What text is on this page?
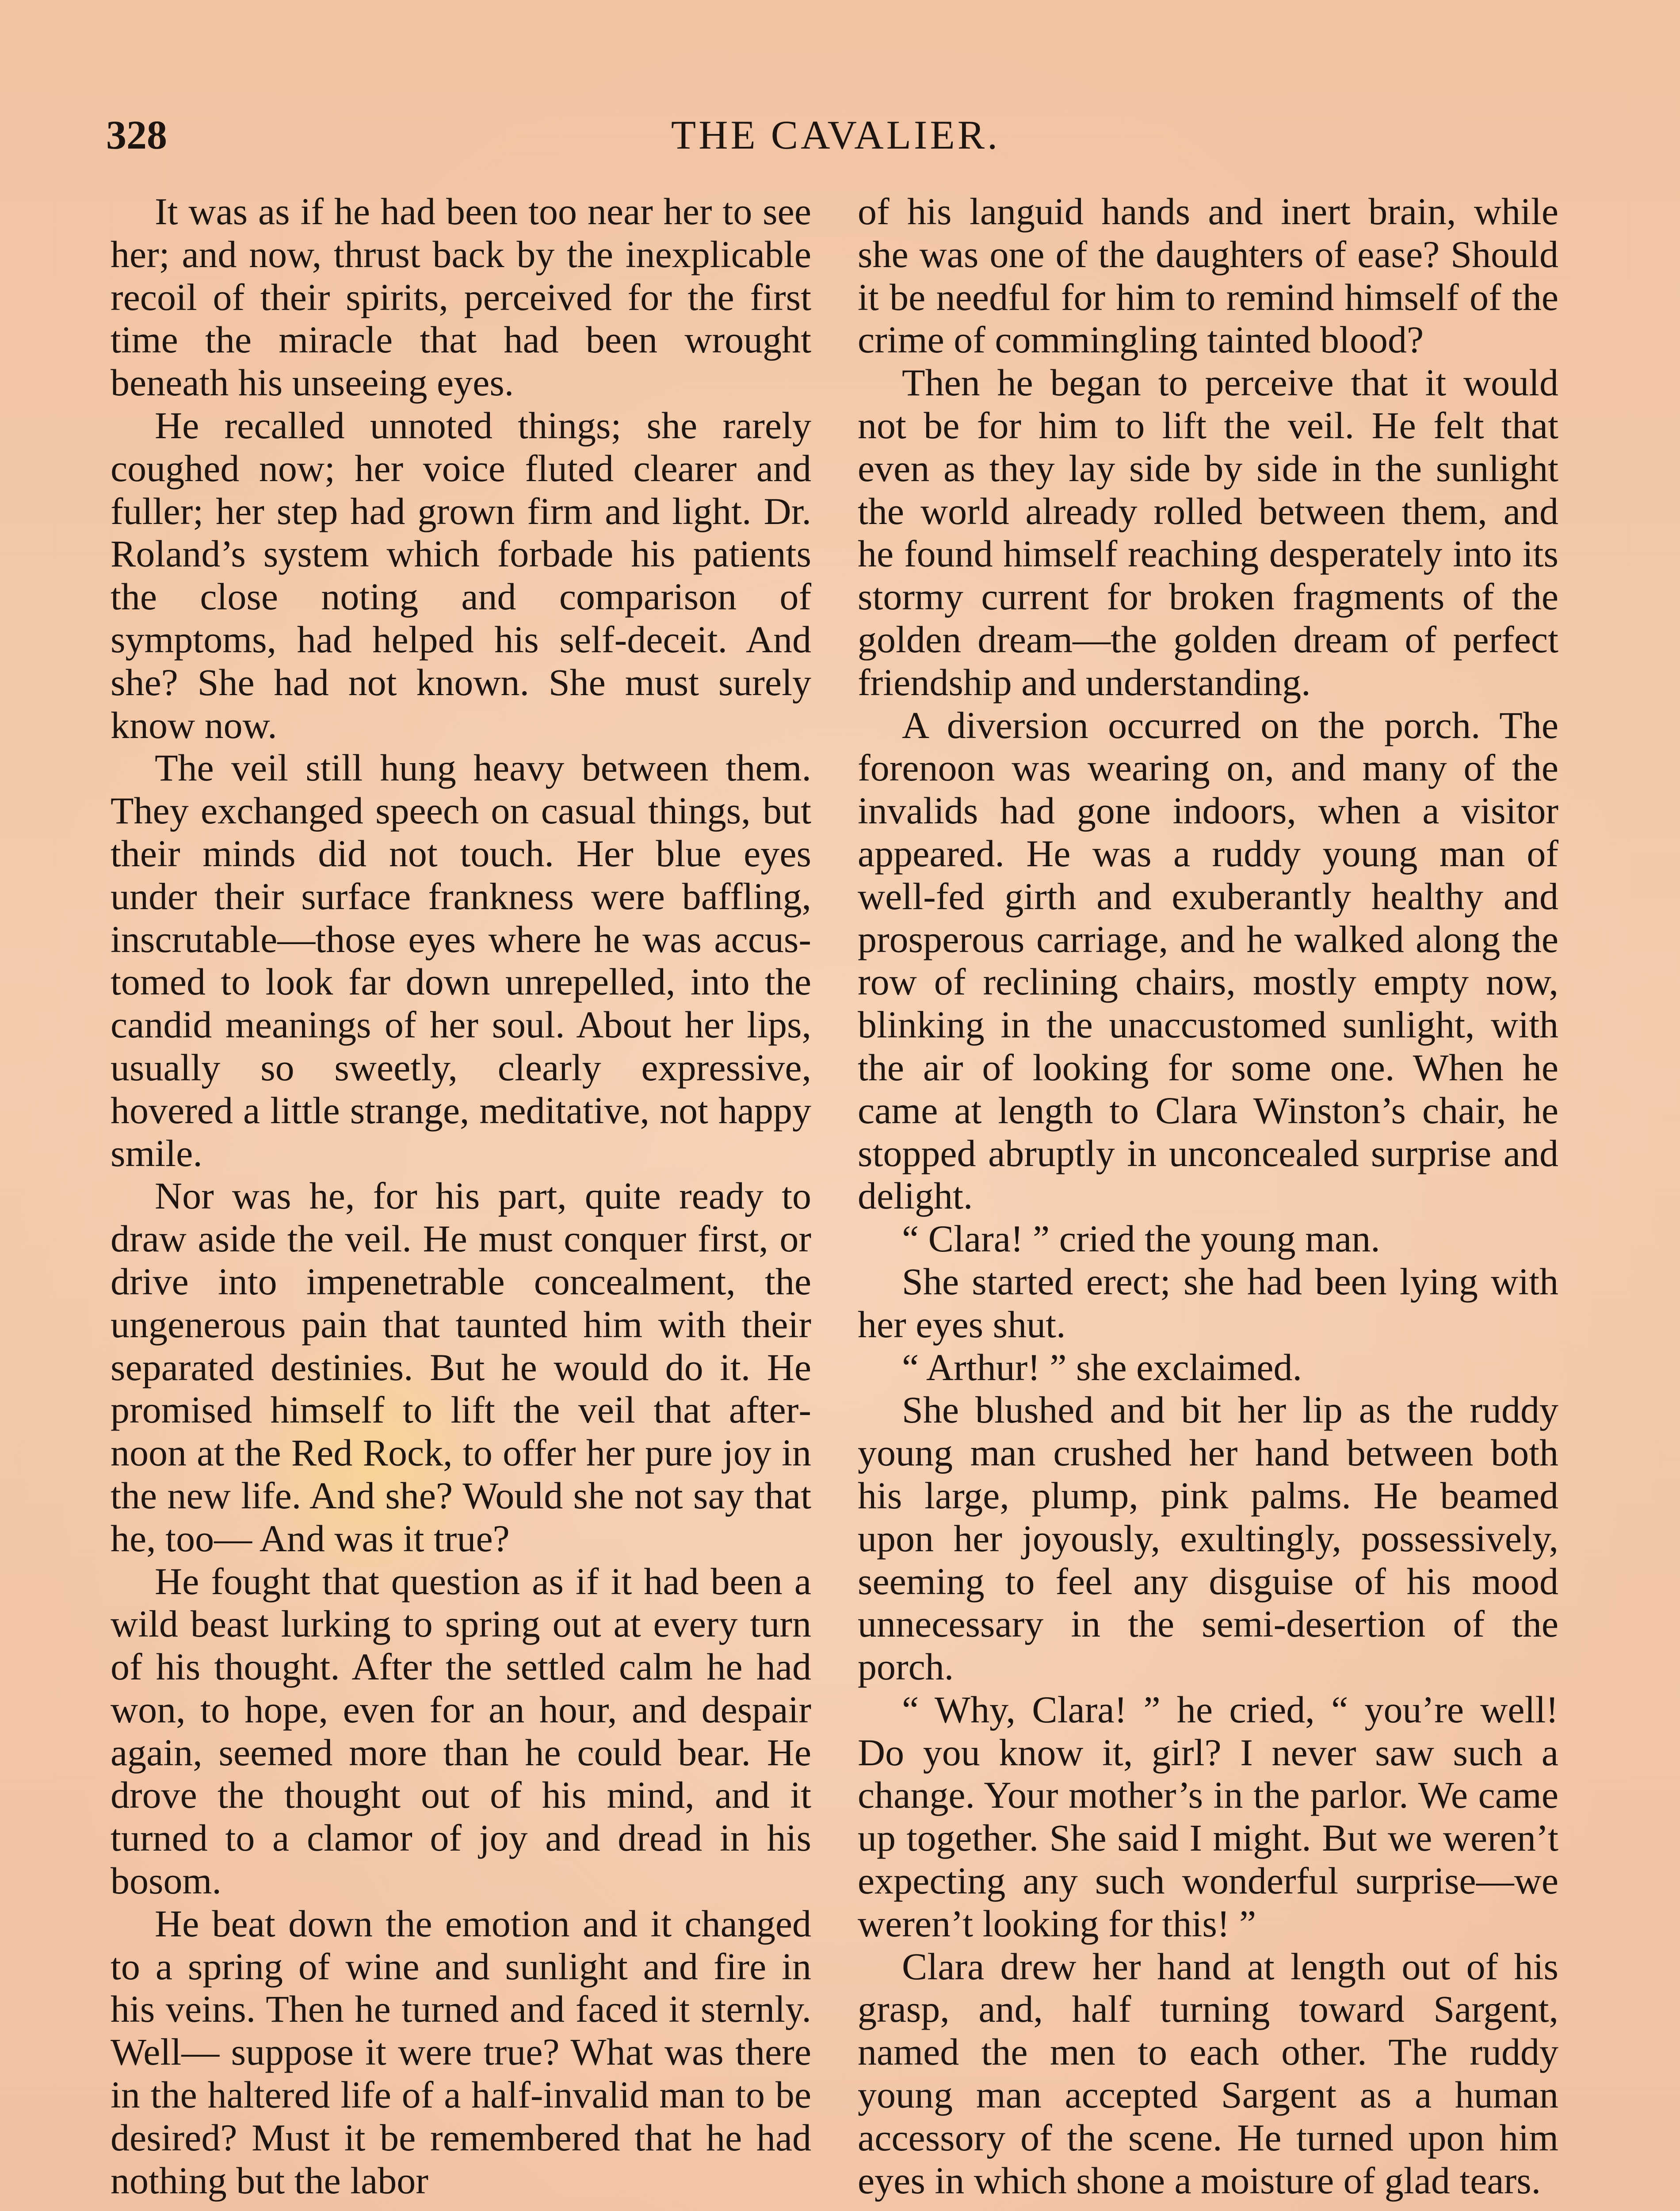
328	THE CAVALIER.

It was as if he had been too near her to see her; and now, thrust back by the inexplicable recoil of their spirits, perceived for the first time the miracle that had been wrought beneath his unseeing eyes.

He recalled unnoted things; she rarely coughed now; her voice fluted clearer and fuller; her step had grown firm and light. Dr. Roland’s system which forbade his patients the close noting and comparison of symptoms, had helped his self-deceit. And she? She had not known. She must surely know now.

The veil still hung heavy between them. They exchanged speech on casual things, but their minds did not touch. Her blue eyes under their surface frankness were baffling, inscrutable—those eyes where he was accustomed to look far down unrepelled, into the candid meanings of her soul. About her lips, usually so sweetly, clearly expressive, hovered a little strange, meditative, not happy smile.

Nor was he, for his part, quite ready to draw aside the veil. He must conquer first, or drive into impenetrable concealment, the ungenerous pain that taunted him with their separated destinies. But he would do it. He promised himself to lift the veil that afternoon at the Red Rock, to offer her pure joy in the new life. And she? Would she not say that he, too— And was it true?

He fought that question as if it had been a wild beast lurking to spring out at every turn of his thought. After the settled calm he had won, to hope, even for an hour, and despair again, seemed more than he could bear. He drove the thought out of his mind, and it turned to a clamor of joy and dread in his bosom.

He beat down the emotion and it changed to a spring of wine and sunlight and fire in his veins. Then he turned and faced it sternly. Well— suppose it were true? What was there in the haltered life of a half-invalid man to be desired? Must it be remembered that he had nothing but the labor

of his languid hands and inert brain, while she was one of the daughters of ease? Should it be needful for him to remind himself of the crime of commingling tainted blood?

Then he began to perceive that it would not be for him to lift the veil. He felt that even as they lay side by side in the sunlight the world already rolled between them, and he found himself reaching desperately into its stormy current for broken fragments of the golden dream—the golden dream of perfect friendship and understanding.

A diversion occurred on the porch. The forenoon was wearing on, and many of the invalids had gone indoors, when a visitor appeared. He was a ruddy young man of well-fed girth and exuberantly healthy and prosperous carriage, and he walked along the row of reclining chairs, mostly empty now, blinking in the unaccustomed sunlight, with the air of looking for some one. When he came at length to Clara Winston’s chair, he stopped abruptly in unconcealed surprise and delight.

“ Clara! ” cried the young man.

She started erect; she had been lying with her eyes shut.

“ Arthur! ” she exclaimed.

She blushed and bit her lip as the ruddy young man crushed her hand between both his large, plump, pink palms. He beamed upon her joyously, exultingly, possessively, seeming to feel any disguise of his mood unnecessary in the semi-desertion of the porch.

“ Why, Clara! ” he cried, “ you’re well! Do you know it, girl? I never saw such a change. Your mother’s in the parlor. We came up together. She said I might. But we weren’t expecting any such wonderful surprise—we weren’t looking for this! ”

Clara drew her hand at length out of his grasp, and, half turning toward Sargent, named the men to each other. The ruddy young man accepted Sargent as a human accessory of the scene. He turned upon him eyes in which shone a moisture of glad tears.
